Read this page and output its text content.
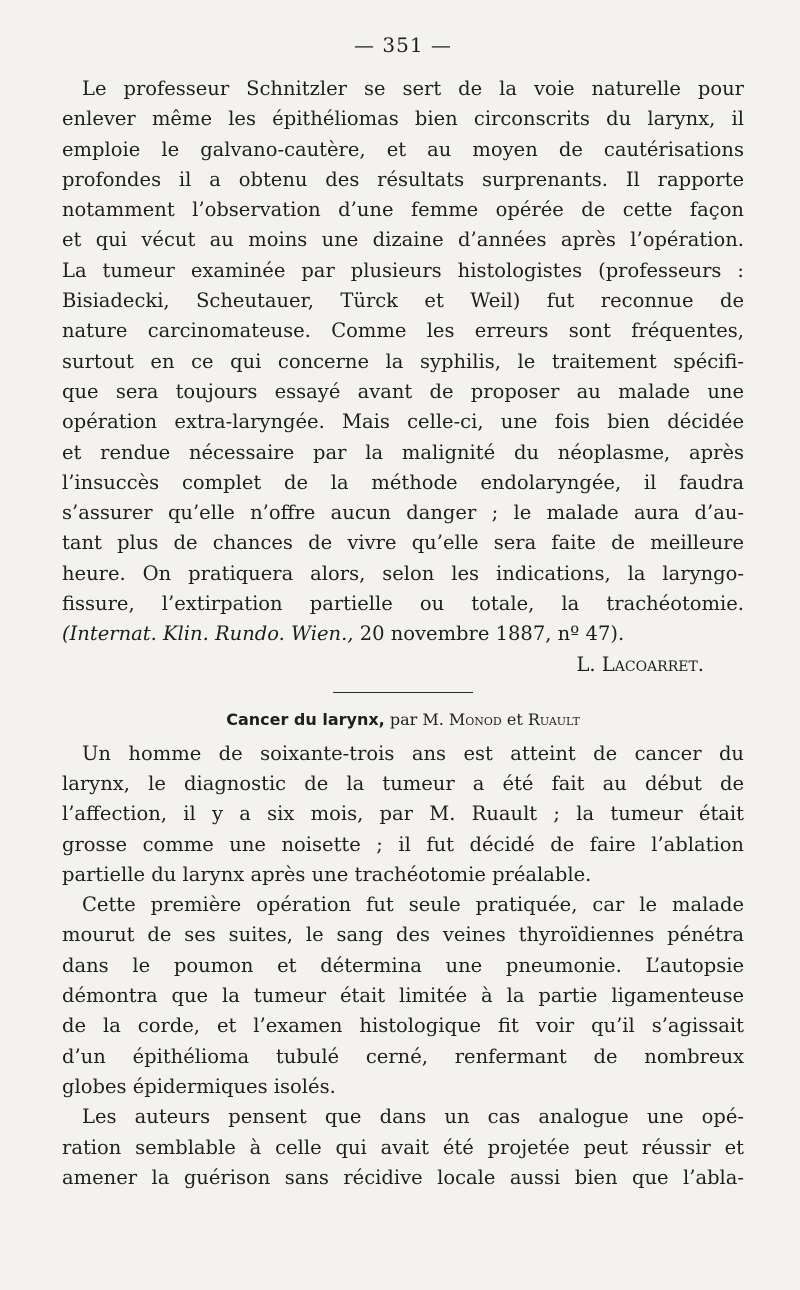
— 351 —
Le professeur Schnitzler se sert de la voie naturelle pour
enlever même les épithéliomas bien circonscrits du larynx, il
emploie le galvano-cautère, et au moyen de cautérisations
profondes il a obtenu des résultats surprenants. Il rapporte
notamment l’observation d’une femme opérée de cette façon
et qui vécut au moins une dizaine d’années après l’opération.
La tumeur examinée par plusieurs histologistes (professeurs :
Bisiadecki, Scheutauer, Türck et Weil) fut reconnue de
nature carcinomateuse. Comme les erreurs sont fréquentes,
surtout en ce qui concerne la syphilis, le traitement spécifi-
que sera toujours essayé avant de proposer au malade une
opération extra-laryngée. Mais celle-ci, une fois bien décidée
et rendue nécessaire par la malignité du néoplasme, après
l’insuccès complet de la méthode endolaryngée, il faudra
s’assurer qu’elle n’offre aucun danger ; le malade aura d’au-
tant plus de chances de vivre qu’elle sera faite de meilleure
heure. On pratiquera alors, selon les indications, la laryngo-
fissure, l’extirpation partielle ou totale, la trachéotomie.
(Internat. Klin. Rundo. Wien., 20 novembre 1887, nº 47).

L. Lacoarret.

Cancer du larynx, par M. Monod et Ruault
Un homme de soixante-trois ans est atteint de cancer du
larynx, le diagnostic de la tumeur a été fait au début de
l’affection, il y a six mois, par M. Ruault ; la tumeur était
grosse comme une noisette ; il fut décidé de faire l’ablation
partielle du larynx après une trachéotomie préalable.
Cette première opération fut seule pratiquée, car le malade
mourut de ses suites, le sang des veines thyroïdiennes pénétra
dans le poumon et détermina une pneumonie. L’autopsie
démontra que la tumeur était limitée à la partie ligamenteuse
de la corde, et l’examen histologique fit voir qu’il s’agissait
d’un épithélioma tubulé cerné, renfermant de nombreux
globes épidermiques isolés.
Les auteurs pensent que dans un cas analogue une opé-
ration semblable à celle qui avait été projetée peut réussir et
amener la guérison sans récidive locale aussi bien que l’abla-
